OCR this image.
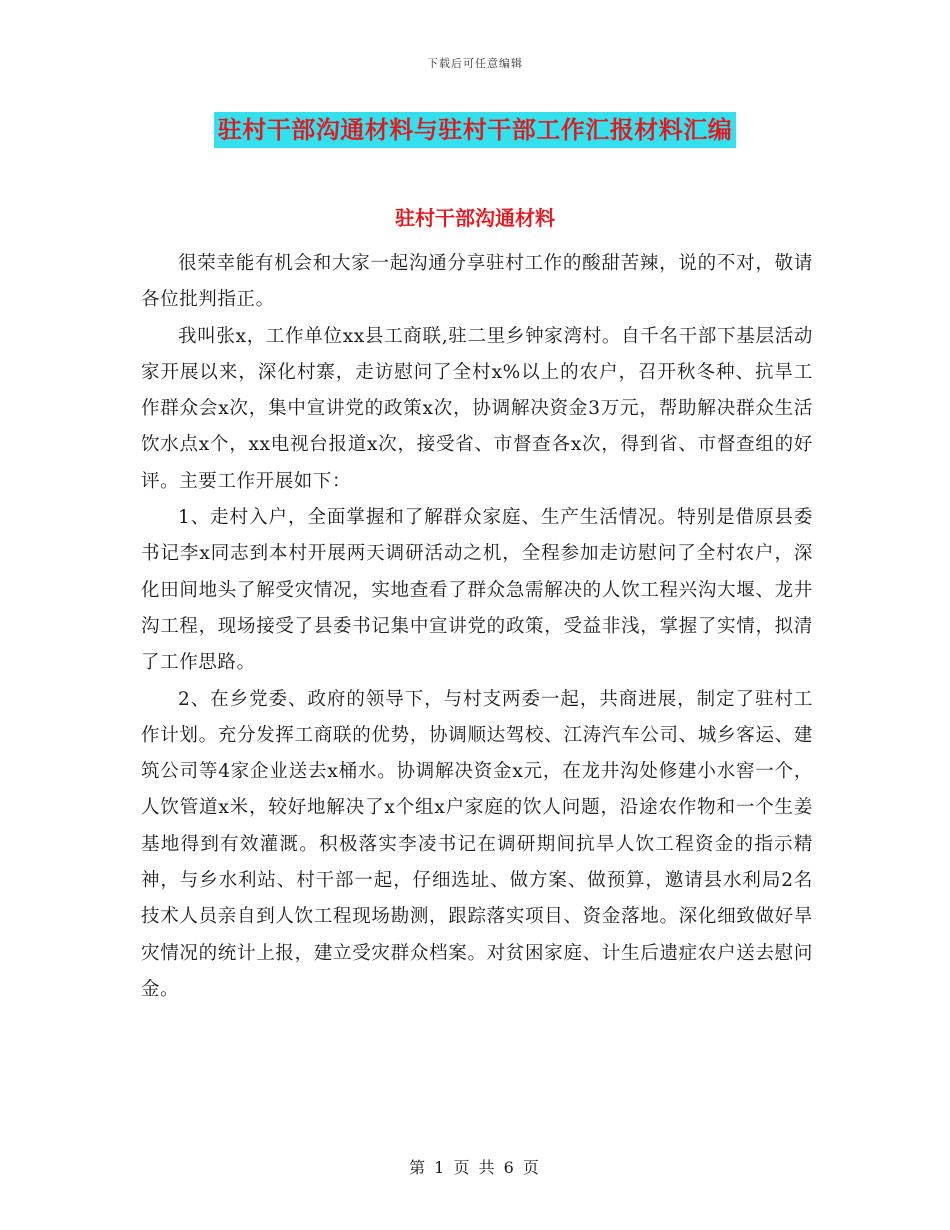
下载后可任意编辑
驻村干部沟通材料与驻村干部工作汇报材料汇编
驻村干部沟通材料

很荣幸能有机会和大家一起沟通分享驻村工作的酸甜苦辣，说的不对，敬请各位批判指正。

我叫张x，工作单位xx县工商联,驻二里乡钟家湾村。自千名干部下基层活动家开展以来，深化村寨，走访慰问了全村x%以上的农户，召开秋冬种、抗旱工作群众会x次，集中宣讲党的政策x次，协调解决资金3万元，帮助解决群众生活饮水点x个，xx电视台报道x次，接受省、市督查各x次，得到省、市督查组的好评。主要工作开展如下：

1、走村入户，全面掌握和了解群众家庭、生产生活情况。特别是借原县委书记李x同志到本村开展两天调研活动之机，全程参加走访慰问了全村农户，深化田间地头了解受灾情况，实地查看了群众急需解决的人饮工程兴沟大堰、龙井沟工程，现场接受了县委书记集中宣讲党的政策，受益非浅，掌握了实情，拟清了工作思路。

2、在乡党委、政府的领导下，与村支两委一起，共商进展，制定了驻村工作计划。充分发挥工商联的优势，协调顺达驾校、江涛汽车公司、城乡客运、建筑公司等4家企业送去x桶水。协调解决资金x元，在龙井沟处修建小水窖一个，人饮管道x米，较好地解决了x个组x户家庭的饮人问题，沿途农作物和一个生姜基地得到有效灌溉。积极落实李凌书记在调研期间抗旱人饮工程资金的指示精神，与乡水利站、村干部一起，仔细选址、做方案、做预算，邀请县水利局2名技术人员亲自到人饮工程现场勘测，跟踪落实项目、资金落地。深化细致做好旱灾情况的统计上报，建立受灾群众档案。对贫困家庭、计生后遗症农户送去慰问金。

第 1 页 共 6 页
